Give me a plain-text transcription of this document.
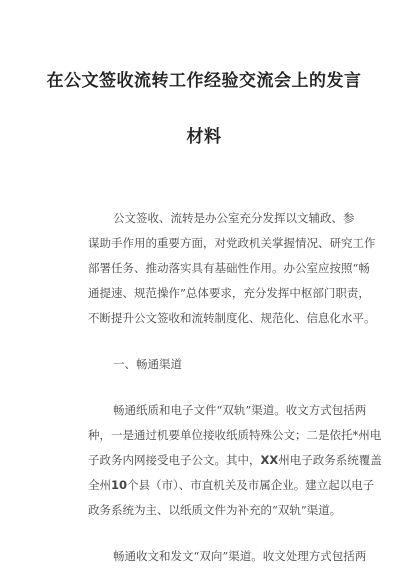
在公文签收流转工作经验交流会上的发言
材料
公文签收、流转是办公室充分发挥以文辅政、参
谋助手作用的重要方面，对党政机关掌握情况、研究工作
部署任务、推动落实具有基础性作用。办公室应按照“畅
通提速、规范操作”总体要求，充分发挥中枢部门职责，
不断提升公文签收和流转制度化、规范化、信息化水平。
一、畅通渠道
畅通纸质和电子文件“双轨”渠道。收文方式包括两
种，一是通过机要单位接收纸质特殊公文；二是依托*州电
子政务内网接受电子公文。其中，XX州电子政务系统覆盖
全州10个县（市）、市直机关及市属企业。建立起以电子
政务系统为主、以纸质文件为补充的“双轨”渠道。
畅通收文和发文“双向”渠道。收文处理方式包括两
